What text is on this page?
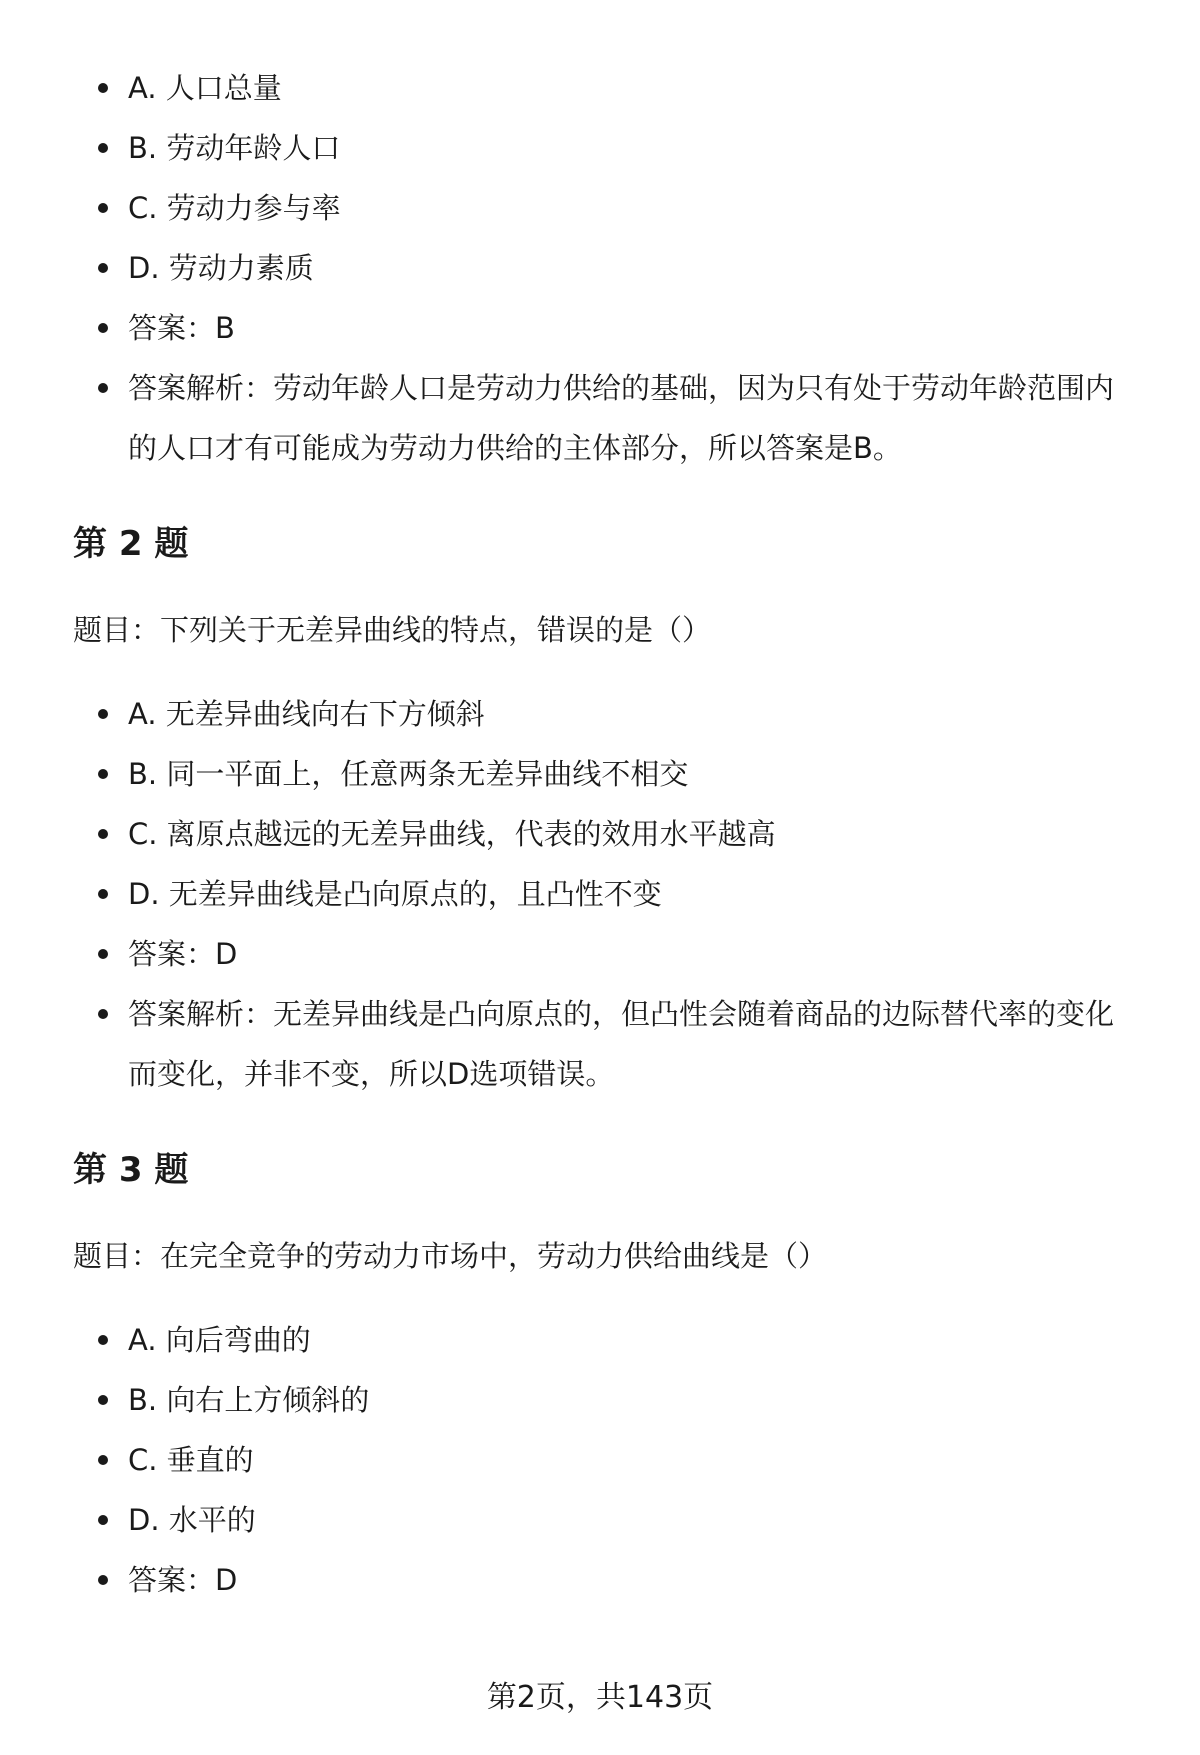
A. 人口总量
B. 劳动年龄人口
C. 劳动力参与率
D. 劳动力素质
答案：B
答案解析：劳动年龄人口是劳动力供给的基础，因为只有处于劳动年龄范围内的人口才有可能成为劳动力供给的主体部分，所以答案是B。
第 2 题

题目：下列关于无差异曲线的特点，错误的是（）

A. 无差异曲线向右下方倾斜
B. 同一平面上，任意两条无差异曲线不相交
C. 离原点越远的无差异曲线，代表的效用水平越高
D. 无差异曲线是凸向原点的，且凸性不变
答案：D
答案解析：无差异曲线是凸向原点的，但凸性会随着商品的边际替代率的变化而变化，并非不变，所以D选项错误。
第 3 题

题目：在完全竞争的劳动力市场中，劳动力供给曲线是（）

A. 向后弯曲的
B. 向右上方倾斜的
C. 垂直的
D. 水平的
答案：D
第2页，共143页
